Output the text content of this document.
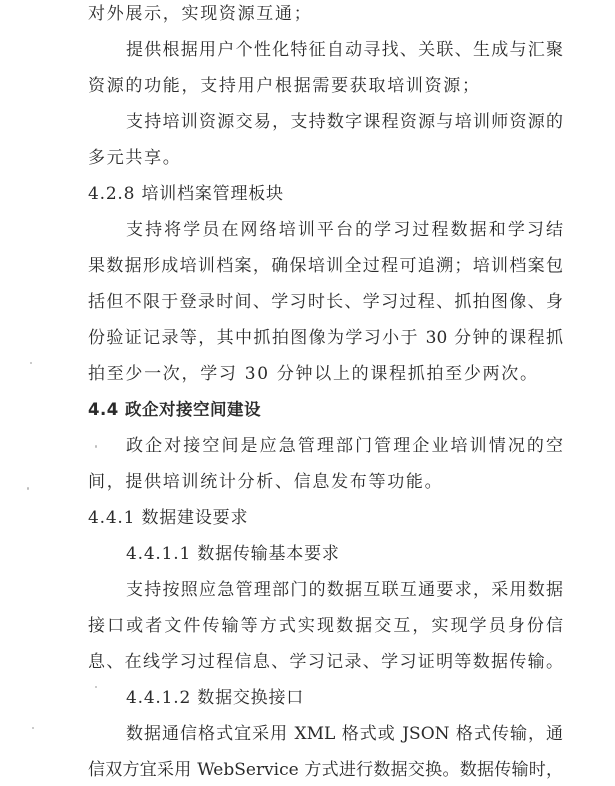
对外展示，实现资源互通；
提供根据用户个性化特征自动寻找、关联、生成与汇聚
资源的功能，支持用户根据需要获取培训资源；
支持培训资源交易，支持数字课程资源与培训师资源的
多元共享。
4.2.8 培训档案管理板块
支持将学员在网络培训平台的学习过程数据和学习结
果数据形成培训档案，确保培训全过程可追溯；培训档案包
括但不限于登录时间、学习时长、学习过程、抓拍图像、身
份验证记录等，其中抓拍图像为学习小于 30 分钟的课程抓
拍至少一次，学习 30 分钟以上的课程抓拍至少两次。
4.4 政企对接空间建设
政企对接空间是应急管理部门管理企业培训情况的空
间，提供培训统计分析、信息发布等功能。
4.4.1 数据建设要求
4.4.1.1 数据传输基本要求
支持按照应急管理部门的数据互联互通要求，采用数据
接口或者文件传输等方式实现数据交互，实现学员身份信
息、在线学习过程信息、学习记录、学习证明等数据传输。
4.4.1.2 数据交换接口
数据通信格式宜采用 XML 格式或 JSON 格式传输，通
信双方宜采用 WebService 方式进行数据交换。数据传输时，
